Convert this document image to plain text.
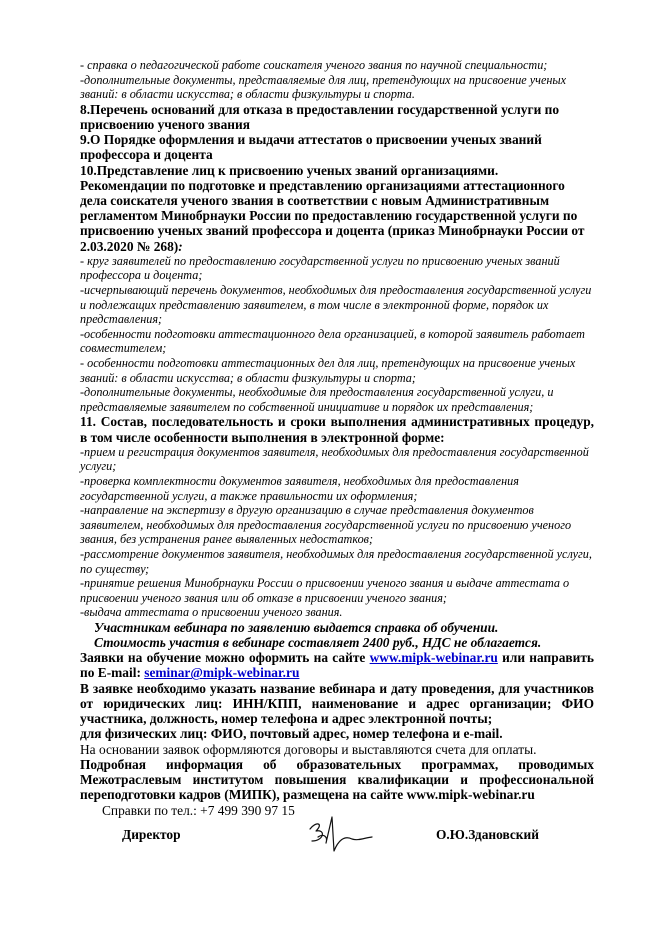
- справка о педагогической работе соискателя ученого звания по научной специальности;

-дополнительные документы, представляемые для лиц, претендующих на присвоение ученых званий: в области искусства; в области физкультуры и спорта.

8.Перечень оснований для отказа в предоставлении государственной услуги по присвоению ученого звания

9.О Порядке оформления и выдачи аттестатов о присвоении ученых званий профессора и доцента

10.Представление лиц к присвоению ученых званий организациями.

Рекомендации по подготовке и представлению организациями аттестационного дела соискателя ученого звания в соответствии с новым Административным регламентом Минобрнауки России по предоставлению государственной услуги по присвоению ученых званий профессора и доцента (приказ Минобрнауки России от 2.03.2020 № 268):

- круг заявителей по предоставлению государственной услуги по присвоению ученых званий профессора и доцента;

-исчерпывающий перечень документов, необходимых для предоставления государственной услуги и подлежащих представлению заявителем, в том числе в электронной форме, порядок их представления;

-особенности подготовки аттестационного дела организацией, в которой заявитель работает совместителем;

- особенности подготовки аттестационных дел для лиц, претендующих на присвоение ученых званий: в области искусства; в области физкультуры и спорта;

-дополнительные документы, необходимые для предоставления государственной услуги, и представляемые заявителем по собственной инициативе и порядок их представления;

11. Состав, последовательность и сроки выполнения административных процедур, в том числе особенности выполнения в электронной форме:

-прием и регистрация документов заявителя, необходимых для предоставления государственной услуги;

-проверка комплектности документов заявителя, необходимых для предоставления государственной услуги, а также правильности их оформления;

-направление на экспертизу в другую организацию в случае представления документов заявителем, необходимых для предоставления государственной услуги по присвоению ученого звания, без устранения ранее выявленных недостатков;

-рассмотрение документов заявителя, необходимых для предоставления государственной услуги, по существу;

-принятие решения Минобрнауки России о присвоении ученого звания и выдаче аттестата о присвоении ученого звания или об отказе в присвоении ученого звания;

-выдача аттестата о присвоении ученого звания.

Участникам вебинара по заявлению выдается справка об обучении.

Стоимость участия в вебинаре составляет 2400 руб., НДС не облагается.

Заявки на обучение можно оформить на сайте www.mipk-webinar.ru или направить по E-mail: seminar@mipk-webinar.ru

В заявке необходимо указать название вебинара и дату проведения, для участников от юридических лиц: ИНН/КПП, наименование и адрес организации; ФИО участника, должность, номер телефона и адрес электронной почты;

для физических лиц: ФИО, почтовый адрес, номер телефона и e-mail.

На основании заявок оформляются договоры и выставляются счета для оплаты.

Подробная информация об образовательных программах, проводимых Межотраслевым институтом повышения квалификации и профессиональной переподготовки кадров (МИПК), размещена на сайте www.mipk-webinar.ru

Справки по тел.: +7 499 390 97 15

Директор	О.Ю.Здановский
